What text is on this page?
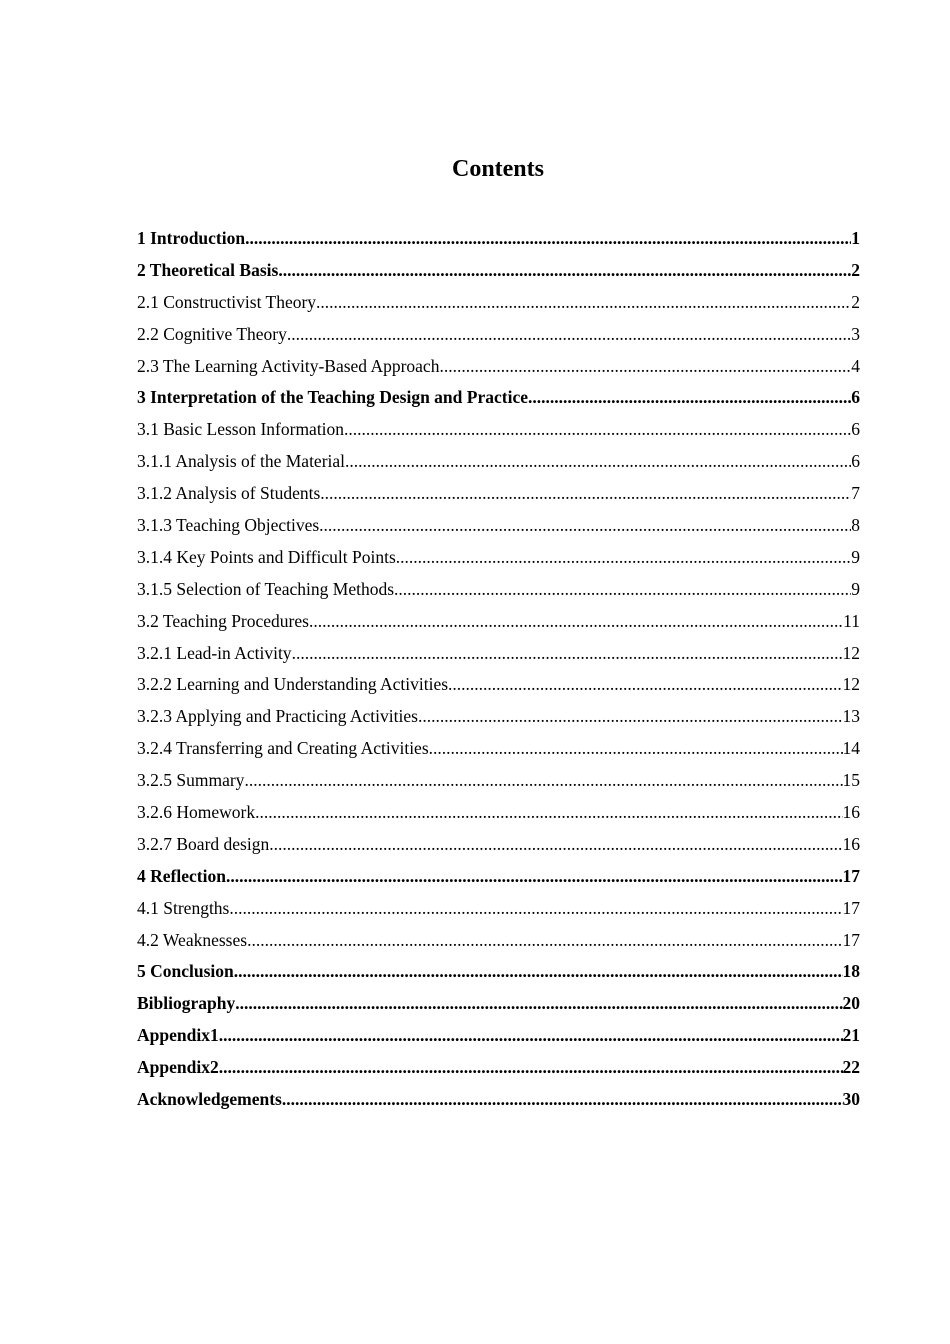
Contents
1 Introduction .....	1
2 Theoretical Basis .....	2
2.1 Constructivist Theory .....	2
2.2 Cognitive Theory .....	3
2.3 The Learning Activity-Based Approach .....	4
3 Interpretation of the Teaching Design and Practice .....	6
3.1 Basic Lesson Information .....	6
3.1.1 Analysis of the Material .....	6
3.1.2 Analysis of Students .....	7
3.1.3 Teaching Objectives .....	8
3.1.4 Key Points and Difficult Points .....	9
3.1.5 Selection of Teaching Methods .....	9
3.2 Teaching Procedures .....	11
3.2.1 Lead-in Activity .....	12
3.2.2 Learning and Understanding Activities .....	12
3.2.3 Applying and Practicing Activities .....	13
3.2.4 Transferring and Creating Activities .....	14
3.2.5 Summary .....	15
3.2.6 Homework .....	16
3.2.7 Board design .....	16
4 Reflection .....	17
4.1 Strengths .....	17
4.2 Weaknesses .....	17
5 Conclusion .....	18
Bibliography .....	20
Appendix1 .....	21
Appendix2 .....	22
Acknowledgements .....	30
